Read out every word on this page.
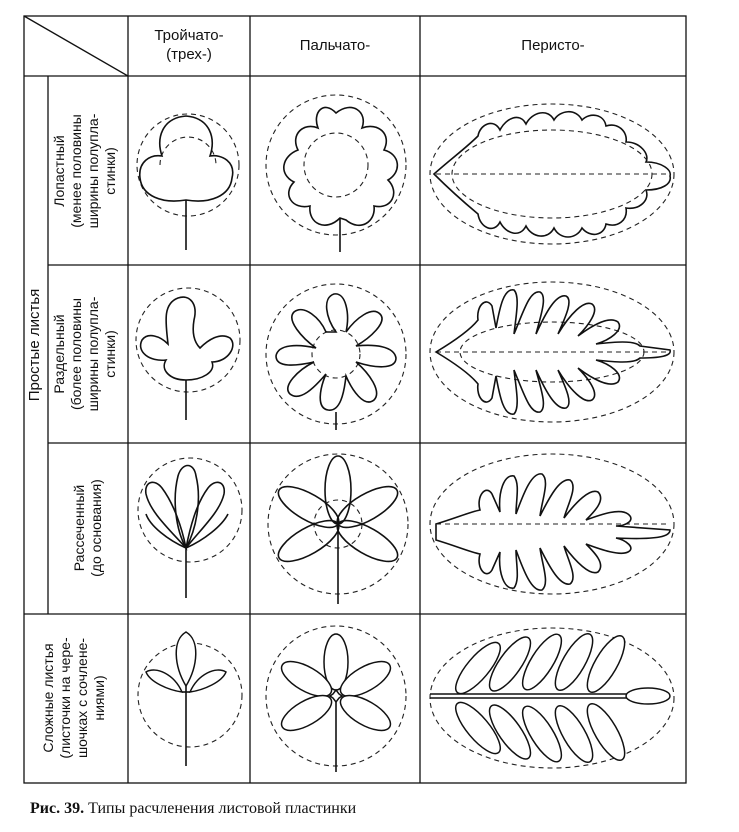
Тройчато-
(трех-)
Пальчато-	Перисто-
Простые листья
Лопастный
(менее половины
ширины полупла-
стинки)
Раздельный
(более половины
ширины полупла-
стинки)
Рассеченный
(до основания)
Сложные листья
(листочки на чере-
шочках с сочлене-
ниями)
Рис. 39. Типы расчленения листовой пластинки
